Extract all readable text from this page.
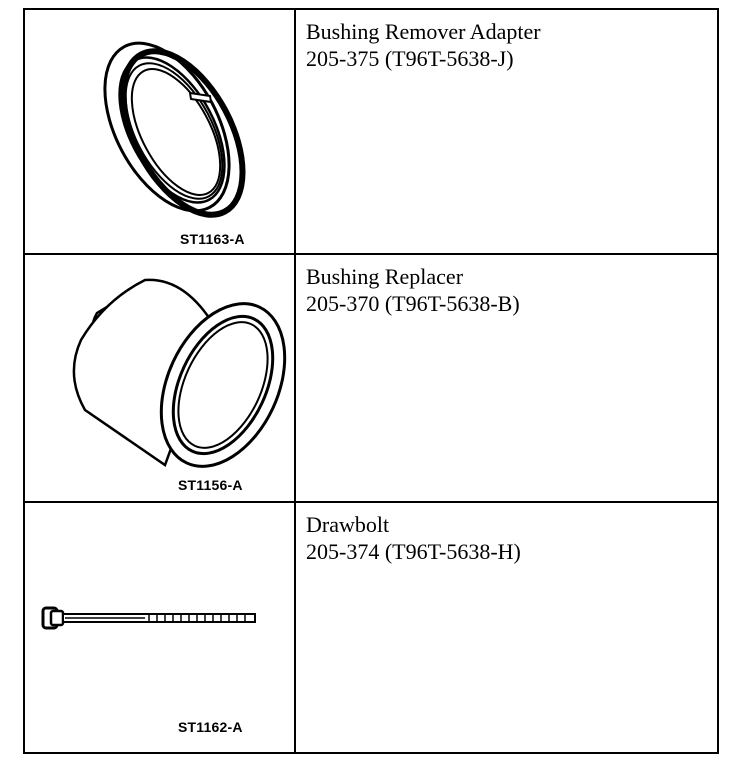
ST1163-A	Bushing Remover Adapter
205-375 (T96T-5638-J)

ST1156-A	Bushing Replacer
205-370 (T96T-5638-B)

ST1162-A	Drawbolt
205-374 (T96T-5638-H)
